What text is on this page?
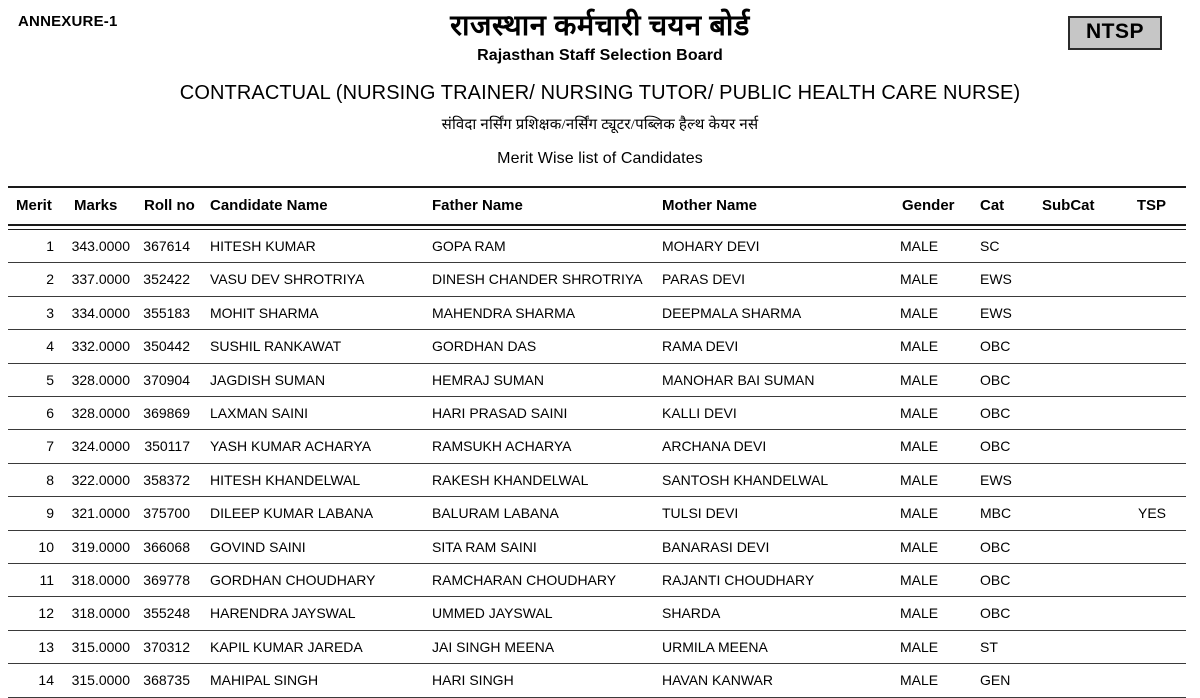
ANNEXURE-1	NTSP
राजस्थान कर्मचारी चयन बोर्ड
Rajasthan Staff Selection Board
CONTRACTUAL (NURSING TRAINER/ NURSING TUTOR/ PUBLIC HEALTH CARE NURSE)
संविदा नर्सिंग प्रशिक्षक/नर्सिंग ट्यूटर/पब्लिक हैल्थ केयर नर्स
Merit Wise list of Candidates
Merit	Marks	Roll no	Candidate Name	Father Name	Mother Name	Gender	Cat	SubCat	TSP

1	343.0000	367614	HITESH KUMAR	GOPA RAM	MOHARY DEVI	MALE	SC		
2	337.0000	352422	VASU DEV SHROTRIYA	DINESH CHANDER SHROTRIYA	PARAS DEVI	MALE	EWS		
3	334.0000	355183	MOHIT SHARMA	MAHENDRA SHARMA	DEEPMALA SHARMA	MALE	EWS		
4	332.0000	350442	SUSHIL RANKAWAT	GORDHAN DAS	RAMA DEVI	MALE	OBC		
5	328.0000	370904	JAGDISH SUMAN	HEMRAJ SUMAN	MANOHAR BAI SUMAN	MALE	OBC		
6	328.0000	369869	LAXMAN SAINI	HARI PRASAD SAINI	KALLI DEVI	MALE	OBC		
7	324.0000	350117	YASH KUMAR ACHARYA	RAMSUKH ACHARYA	ARCHANA DEVI	MALE	OBC		
8	322.0000	358372	HITESH KHANDELWAL	RAKESH KHANDELWAL	SANTOSH KHANDELWAL	MALE	EWS		
9	321.0000	375700	DILEEP KUMAR LABANA	BALURAM LABANA	TULSI DEVI	MALE	MBC		YES
10	319.0000	366068	GOVIND SAINI	SITA RAM SAINI	BANARASI DEVI	MALE	OBC		
11	318.0000	369778	GORDHAN CHOUDHARY	RAMCHARAN CHOUDHARY	RAJANTI CHOUDHARY	MALE	OBC		
12	318.0000	355248	HARENDRA JAYSWAL	UMMED JAYSWAL	SHARDA	MALE	OBC		
13	315.0000	370312	KAPIL KUMAR JAREDA	JAI SINGH MEENA	URMILA MEENA	MALE	ST		
14	315.0000	368735	MAHIPAL SINGH	HARI SINGH	HAVAN KANWAR	MALE	GEN		
